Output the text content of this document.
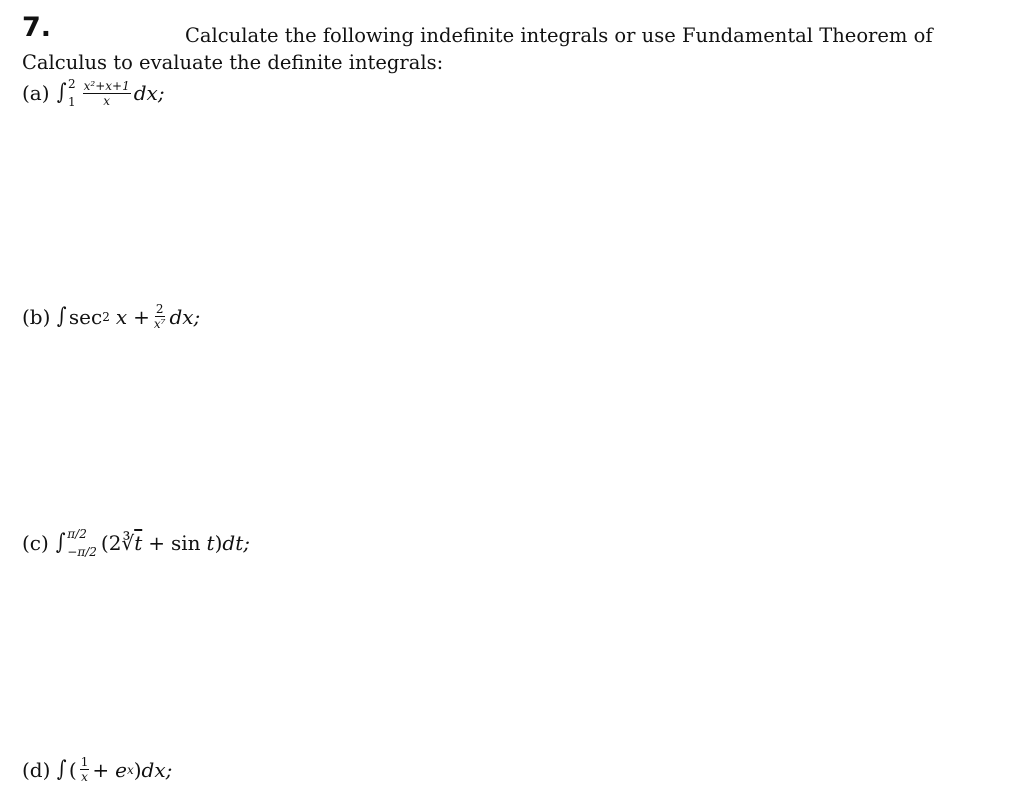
7.	Calculate the following indefinite integrals or use Fundamental Theorem of Calculus to evaluate the definite integrals:
(a) ∫ 2
$1 \frac{\text{x²+x+1}}{x}$ dx;
(b) ∫ sec 2 $x + \frac{2}{\text{x⁷}}$ dx;
(c) ∫ π/2
−π/2 (2 ∛ $\overline{t} + \sin t$ ) dt;
(d) ∫ ( $\frac{1}{x} + e$ x ) dx;
